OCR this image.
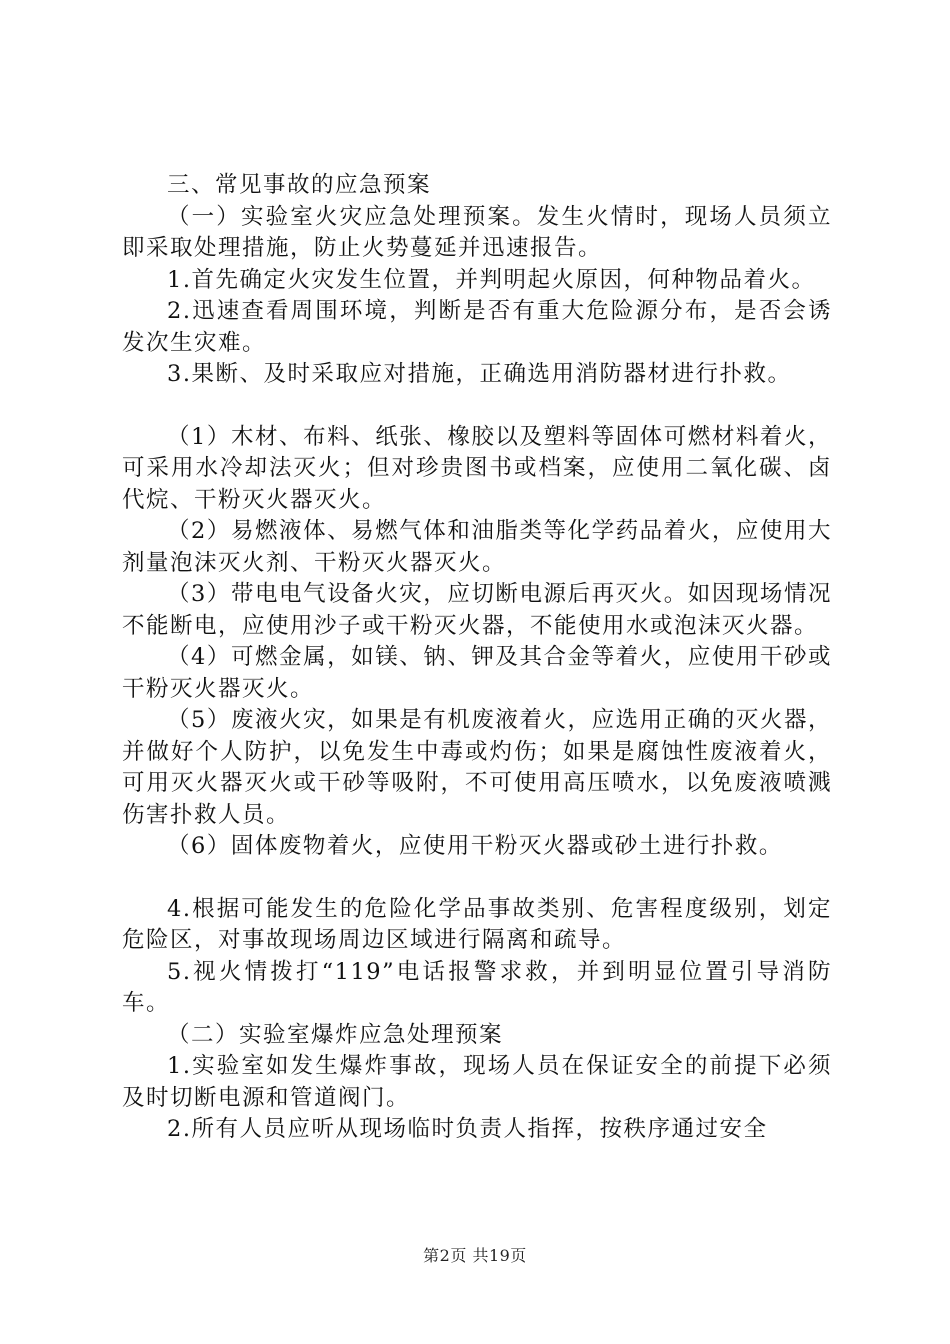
三、常见事故的应急预案

（一）实验室火灾应急处理预案。发生火情时，现场人员须立即采取处理措施，防止火势蔓延并迅速报告。

1.首先确定火灾发生位置，并判明起火原因，何种物品着火。

2.迅速查看周围环境，判断是否有重大危险源分布，是否会诱发次生灾难。

3.果断、及时采取应对措施，正确选用消防器材进行扑救。

（1）木材、布料、纸张、橡胶以及塑料等固体可燃材料着火，可采用水冷却法灭火；但对珍贵图书或档案，应使用二氧化碳、卤代烷、干粉灭火器灭火。

（2）易燃液体、易燃气体和油脂类等化学药品着火，应使用大剂量泡沫灭火剂、干粉灭火器灭火。

（3）带电电气设备火灾，应切断电源后再灭火。如因现场情况不能断电，应使用沙子或干粉灭火器，不能使用水或泡沫灭火器。

（4）可燃金属，如镁、钠、钾及其合金等着火，应使用干砂或干粉灭火器灭火。

（5）废液火灾，如果是有机废液着火，应选用正确的灭火器，并做好个人防护，以免发生中毒或灼伤；如果是腐蚀性废液着火，可用灭火器灭火或干砂等吸附，不可使用高压喷水，以免废液喷溅伤害扑救人员。

（6）固体废物着火，应使用干粉灭火器或砂土进行扑救。

4.根据可能发生的危险化学品事故类别、危害程度级别，划定危险区，对事故现场周边区域进行隔离和疏导。

5.视火情拨打“119”电话报警求救，并到明显位置引导消防车。

（二）实验室爆炸应急处理预案

1.实验室如发生爆炸事故，现场人员在保证安全的前提下必须及时切断电源和管道阀门。

2.所有人员应听从现场临时负责人指挥，按秩序通过安全

第2页 共19页
